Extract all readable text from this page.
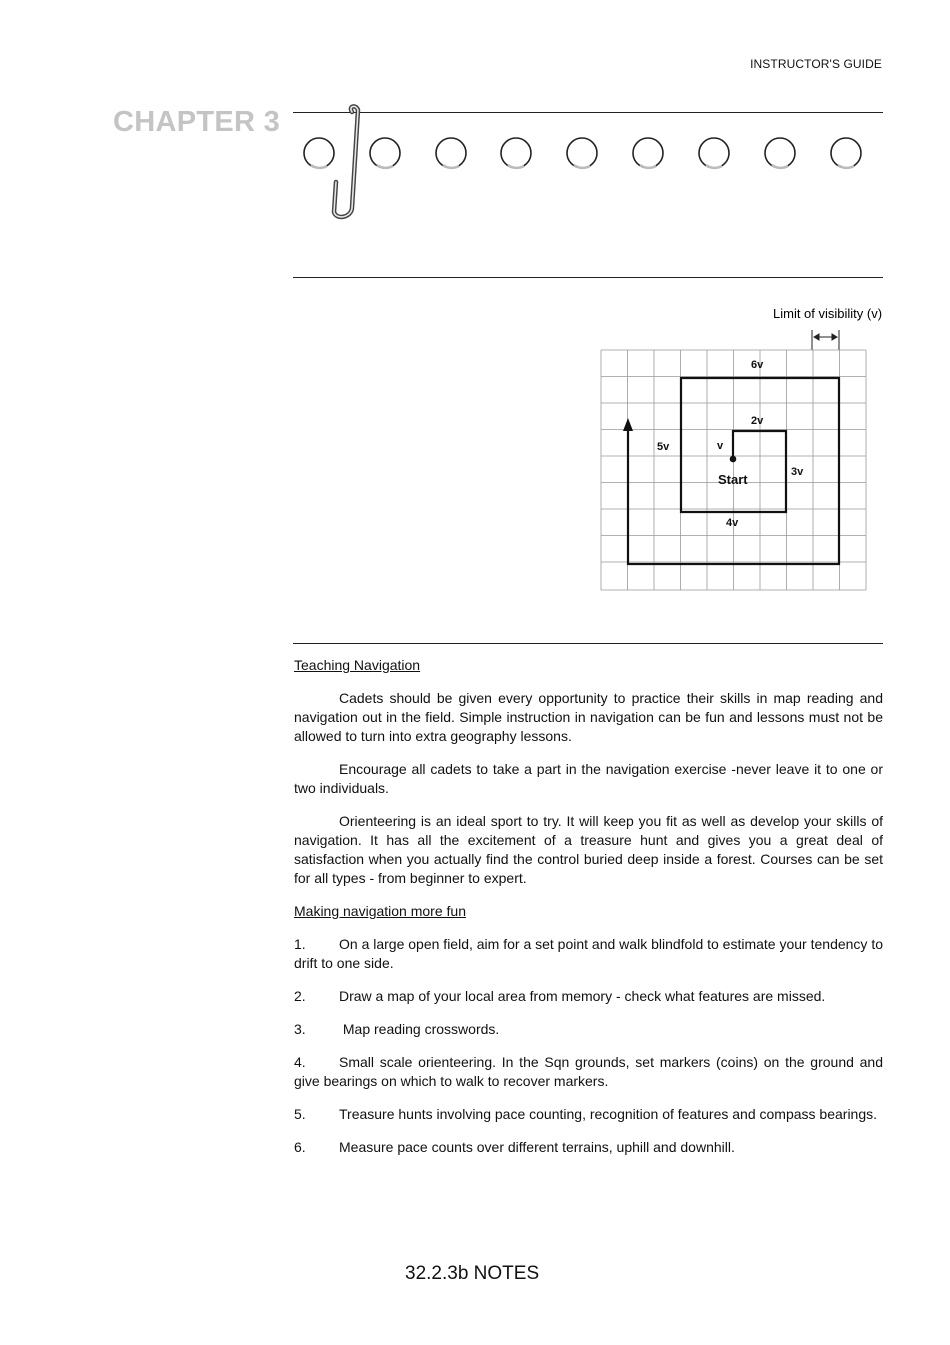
INSTRUCTOR'S GUIDE
CHAPTER 3
Limit of visibility (v)
6v
2v
5v	v
3v
4v
Start

Teaching Navigation

Cadets should be given every opportunity to practice their skills in map reading and navigation out in the field. Simple instruction in navigation can be fun and lessons must not be allowed to turn into extra geography lessons.

Encourage all cadets to take a part in the navigation exercise -never leave it to one or two individuals.

Orienteering is an ideal sport to try. It will keep you fit as well as develop your skills of navigation. It has all the excitement of a treasure hunt and gives you a great deal of satisfaction when you actually find the control buried deep inside a forest. Courses can be set for all types - from beginner to expert.

Making navigation more fun

1. On a large open field, aim for a set point and walk blindfold to estimate your tendency to drift to one side.

2. Draw a map of your local area from memory - check what features are missed.

3. Map reading crosswords.

4. Small scale orienteering. In the Sqn grounds, set markers (coins) on the ground and give bearings on which to walk to recover markers.

5. Treasure hunts involving pace counting, recognition of features and compass bearings.

6. Measure pace counts over different terrains, uphill and downhill.

32.2.3b NOTES
